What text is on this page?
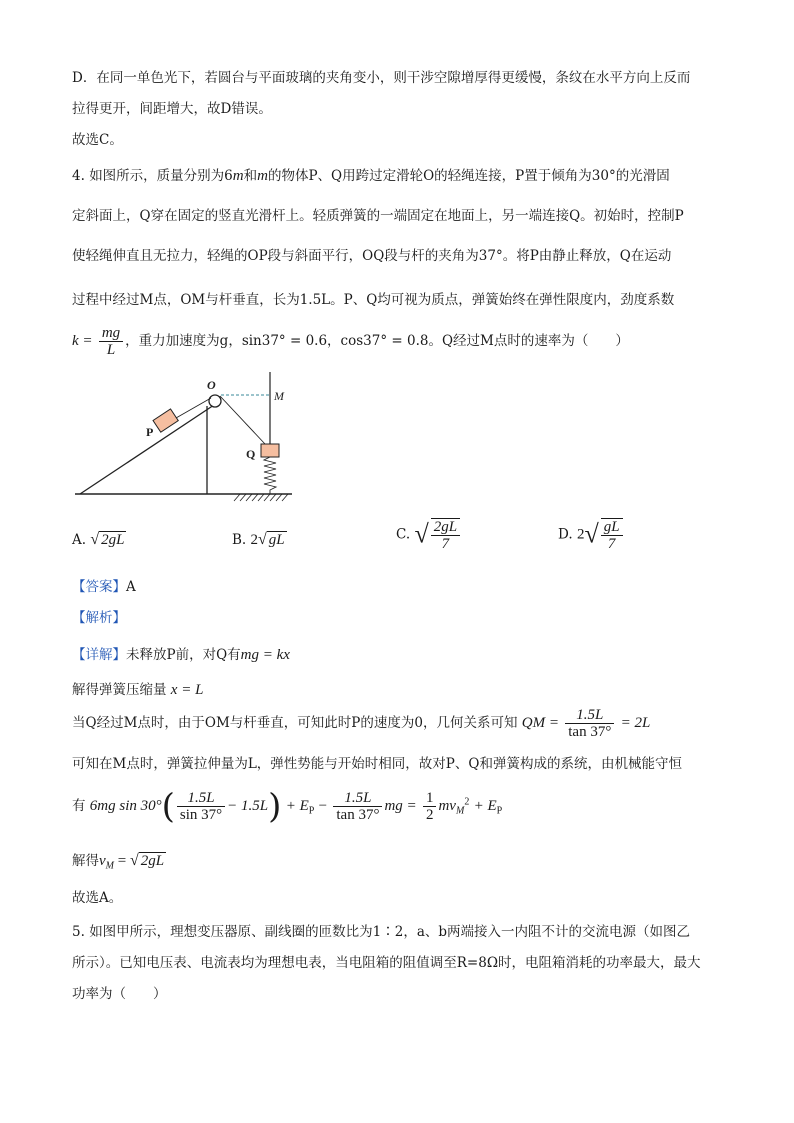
D．在同一单色光下，若圆台与平面玻璃的夹角变小，则干涉空隙增厚得更缓慢，条纹在水平方向上反而
拉得更开，间距增大，故D错误。
故选C。
4. 如图所示，质量分别为6m和m的物体P、Q用跨过定滑轮O的轻绳连接，P置于倾角为30°的光滑固
定斜面上，Q穿在固定的竖直光滑杆上。轻质弹簧的一端固定在地面上，另一端连接Q。初始时，控制P
使轻绳伸直且无拉力，轻绳的OP段与斜面平行，OQ段与杆的夹角为37°。将P由静止释放，Q在运动
过程中经过M点，OM与杆垂直，长为1.5L。P、Q均可视为质点，弹簧始终在弹性限度内，劲度系数
$k = \frac{mg}{L}$ ，重力加速度为g，sin37° = 0.6，cos37° = 0.8。Q经过M点时的速率为（　　）
O
M
P
Q
A. √ 2gL	B. 2√ gL	C. √ $\frac{2gL}{7}$	D. $2√ \frac{gL}{7}$
【答案】A
【解析】
【详解】未释放P前，对Q有mg = kx
解得弹簧压缩量 x = L
当Q经过M点时，由于OM与杆垂直，可知此时P的速度为0，几何关系可知 QM = $\frac{1.5L}{\tan 37^\circ} = 2L$
可知在M点时，弹簧拉伸量为L，弹性势能与开始时相同，故对P、Q和弹簧构成的系统，由机械能守恒
有 6mg $\sin 30^\circ( \frac{1.5L}{\sin 37^\circ} - 1.5L) + E_P - \frac{1.5L}{\tan 37^\circ}$ mg = $\frac{1}{2} mv_M^2 + E_P$
解得$v_M$ = √ 2gL
故选A。
5. 如图甲所示，理想变压器原、副线圈的匝数比为1∶2，a、b两端接入一内阻不计的交流电源（如图乙
所示）。已知电压表、电流表均为理想电表，当电阻箱的阻值调至R=8Ω时，电阻箱消耗的功率最大，最大
功率为（　　）
